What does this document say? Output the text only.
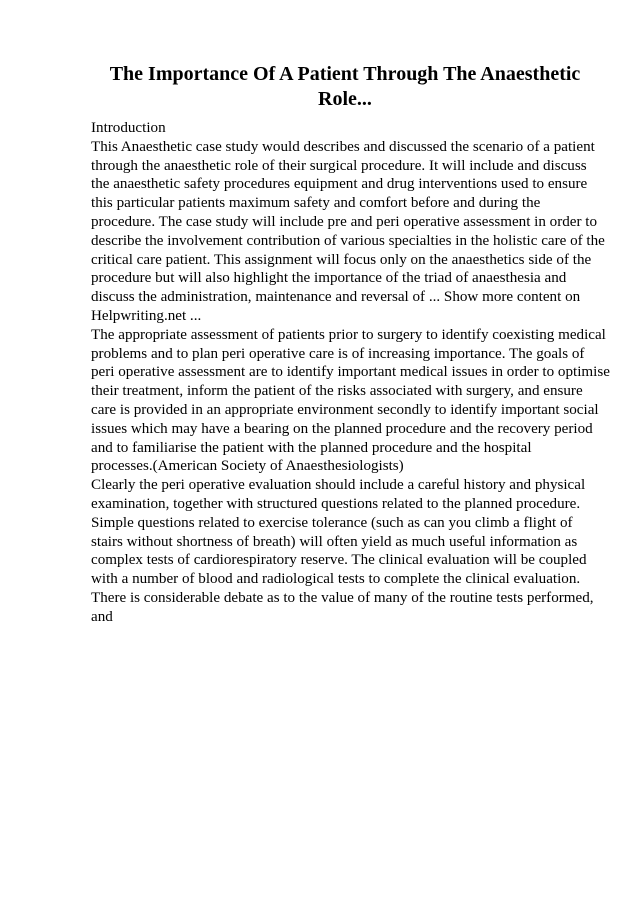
The Importance Of A Patient Through The Anaesthetic
Role...
Introduction
This Anaesthetic case study would describes and discussed the scenario of a patient
through the anaesthetic role of their surgical procedure. It will include and discuss
the anaesthetic safety procedures equipment and drug interventions used to ensure
this particular patients maximum safety and comfort before and during the
procedure. The case study will include pre and peri operative assessment in order to
describe the involvement contribution of various specialties in the holistic care of the
critical care patient. This assignment will focus only on the anaesthetics side of the
procedure but will also highlight the importance of the triad of anaesthesia and
discuss the administration, maintenance and reversal of ... Show more content on
Helpwriting.net ...
The appropriate assessment of patients prior to surgery to identify coexisting medical
problems and to plan peri operative care is of increasing importance. The goals of
peri operative assessment are to identify important medical issues in order to optimise
their treatment, inform the patient of the risks associated with surgery, and ensure
care is provided in an appropriate environment secondly to identify important social
issues which may have a bearing on the planned procedure and the recovery period
and to familiarise the patient with the planned procedure and the hospital
processes.(American Society of Anaesthesiologists)
Clearly the peri operative evaluation should include a careful history and physical
examination, together with structured questions related to the planned procedure.
Simple questions related to exercise tolerance (such as can you climb a flight of
stairs without shortness of breath) will often yield as much useful information as
complex tests of cardiorespiratory reserve. The clinical evaluation will be coupled
with a number of blood and radiological tests to complete the clinical evaluation.
There is considerable debate as to the value of many of the routine tests performed,
and
